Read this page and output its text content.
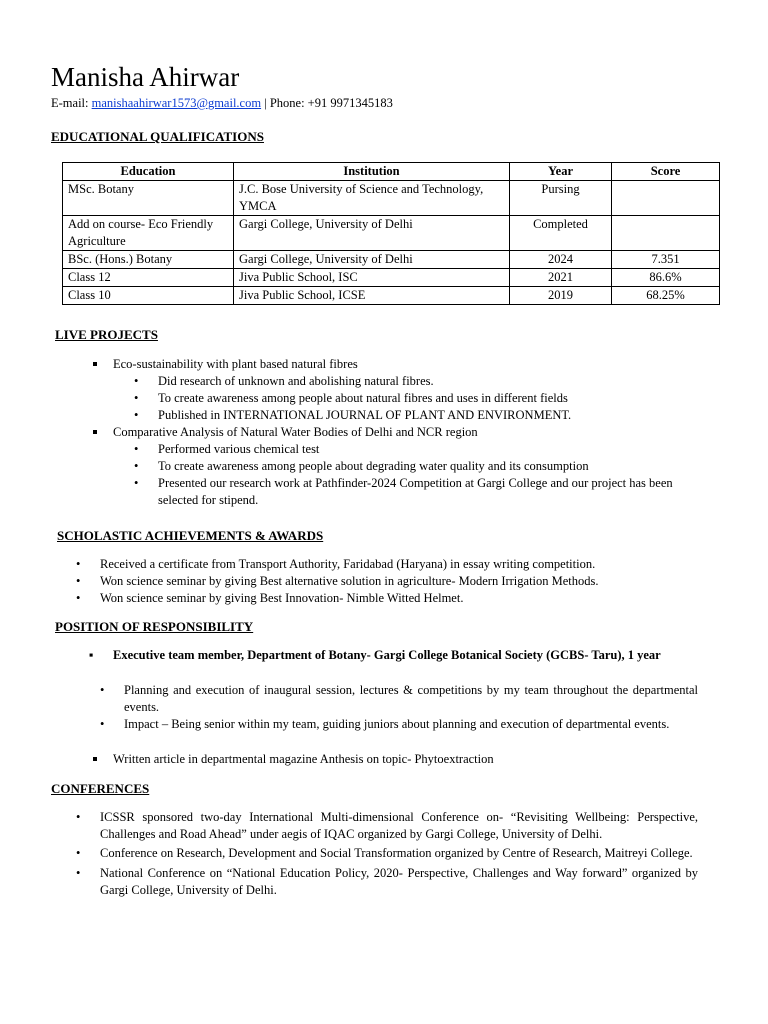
Manisha Ahirwar
E-mail: manishaahirwar1573@gmail.com | Phone: +91 9971345183
EDUCATIONAL QUALIFICATIONS
Education	Institution	Year	Score
MSc. Botany	J.C. Bose University of Science and Technology, YMCA	Pursing	
Add on course- Eco Friendly Agriculture	Gargi College, University of Delhi	Completed	
BSc. (Hons.) Botany	Gargi College, University of Delhi	2024	7.351
Class 12	Jiva Public School, ISC	2021	86.6%
Class 10	Jiva Public School, ICSE	2019	68.25%
LIVE PROJECTS
Eco-sustainability with plant based natural fibres
• Did research of unknown and abolishing natural fibres.
• To create awareness among people about natural fibres and uses in different fields
• Published in INTERNATIONAL JOURNAL OF PLANT AND ENVIRONMENT.
Comparative Analysis of Natural Water Bodies of Delhi and NCR region
• Performed various chemical test
• To create awareness among people about degrading water quality and its consumption
• Presented our research work at Pathfinder-2024 Competition at Gargi College and our project has been selected for stipend.
SCHOLASTIC ACHIEVEMENTS & AWARDS
• Received a certificate from Transport Authority, Faridabad (Haryana) in essay writing competition.
• Won science seminar by giving Best alternative solution in agriculture- Modern Irrigation Methods.
• Won science seminar by giving Best Innovation- Nimble Witted Helmet.
POSITION OF RESPONSIBILITY
▪ Executive team member, Department of Botany- Gargi College Botanical Society (GCBS- Taru), 1 year
• Planning and execution of inaugural session, lectures & competitions by my team throughout the departmental events.
• Impact – Being senior within my team, guiding juniors about planning and execution of departmental events.
Written article in departmental magazine Anthesis on topic- Phytoextraction
CONFERENCES
• ICSSR sponsored two-day International Multi-dimensional Conference on- “Revisiting Wellbeing: Perspective, Challenges and Road Ahead” under aegis of IQAC organized by Gargi College, University of Delhi.
• Conference on Research, Development and Social Transformation organized by Centre of Research, Maitreyi College.
• National Conference on “National Education Policy, 2020- Perspective, Challenges and Way forward” organized by Gargi College, University of Delhi.
